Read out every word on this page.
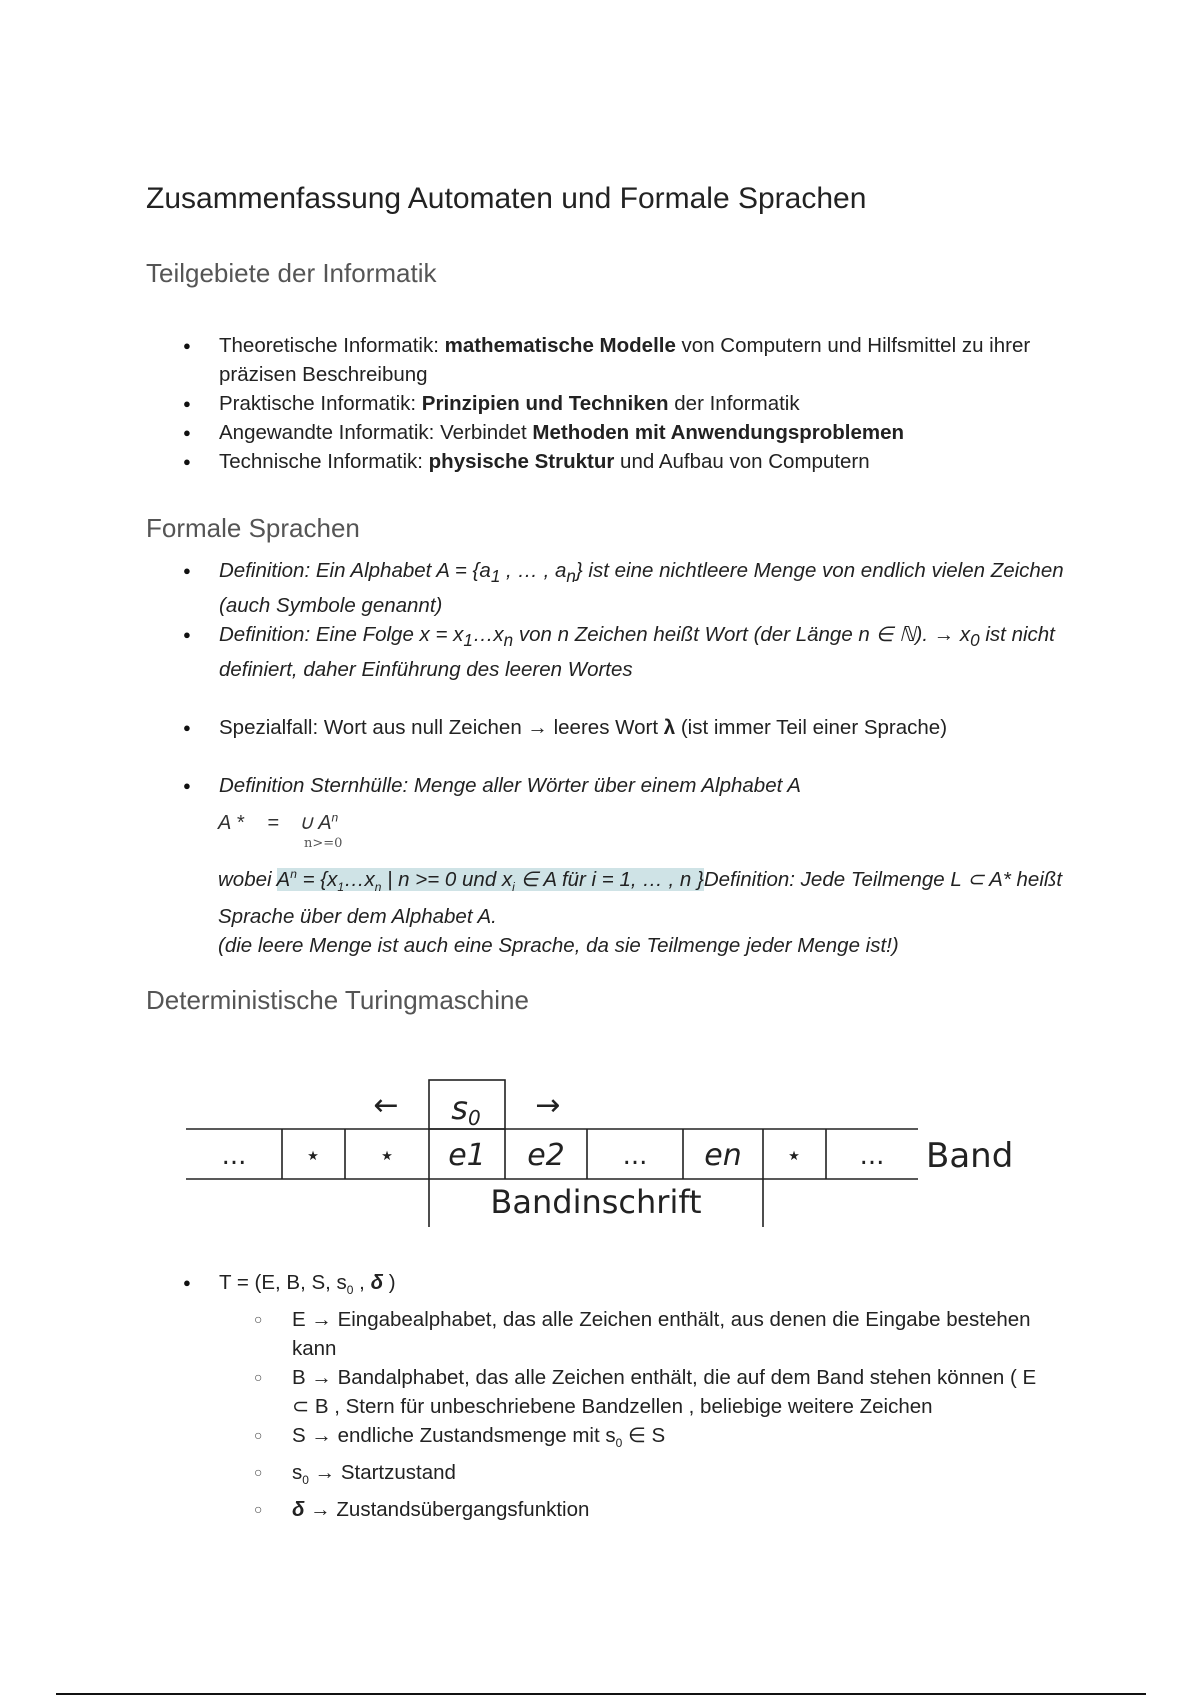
Zusammenfassung Automaten und Formale Sprachen
Teilgebiete der Informatik
● Theoretische Informatik: mathematische Modelle von Computern und Hilfsmittel zu ihrer präzisen Beschreibung
● Praktische Informatik: Prinzipien und Techniken der Informatik
● Angewandte Informatik: Verbindet Methoden mit Anwendungsproblemen
● Technische Informatik: physische Struktur und Aufbau von Computern
Formale Sprachen
● Definition: Ein Alphabet $A = \{a_1$ , … , $a_n$} ist eine nichtleere Menge von endlich vielen Zeichen (auch Symbole genannt)
● Definition: Eine Folge $x = x_1\dots x_n$ von n Zeichen heißt Wort (der Länge n ∈ ℕ). → $x_0$ ist nicht definiert, daher Einführung des leeren Wortes
● Spezialfall: Wort aus null Zeichen → leeres Wort λ (ist immer Teil einer Sprache)
● Definition Sternhülle: Menge aller Wörter über einem Alphabet A
A * = ∪ $A^n$
n>=0
wobei $A^n$ = {$x_1\dots x_n$ | n >= 0 und $x_i$ ∈ A für i = 1, … , n }Definition: Jede Teilmenge L ⊂ A* heißt Sprache über dem Alphabet A.
(die leere Menge ist auch eine Sprache, da sie Teilmenge jeder Menge ist!)
Deterministische Turingmaschine
← s0 →
... ⋆ ⋆ e1 e2 ... en ⋆ ... Band
Bandinschrift
● T = (E, B, S, $s_0$ , δ )
○ E → Eingabealphabet, das alle Zeichen enthält, aus denen die Eingabe bestehen kann
○ B → Bandalphabet, das alle Zeichen enthält, die auf dem Band stehen können ( E ⊂ B , Stern für unbeschriebene Bandzellen , beliebige weitere Zeichen
○ S → endliche Zustandsmenge mit $s_0$ ∈ S
○ $s_0$ → Startzustand
○ δ → Zustandsübergangsfunktion
